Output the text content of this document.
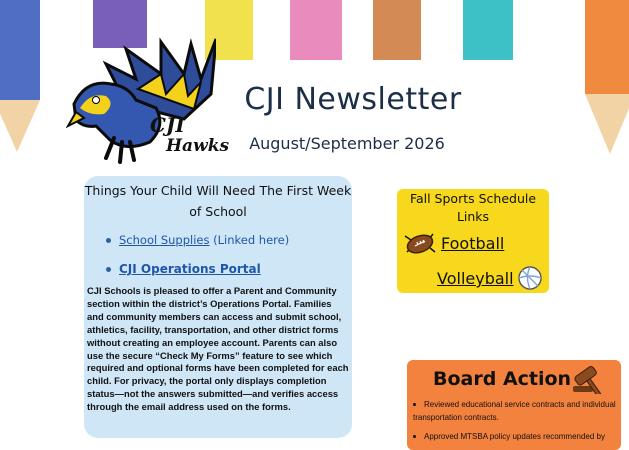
CJI
Hawks
CJI Newsletter
August/September 2026
Things Your Child Will Need The First Week of School
School Supplies (Linked here)
CJI Operations Portal
CJI Schools is pleased to offer a Parent and Community section within the district’s Operations Portal. Families and community members can access and submit school, athletics, facility, transportation, and other district forms without creating an employee account. Parents can also use the secure “Check My Forms” feature to see which required and optional forms have been completed for each child. For privacy, the portal only displays completion status—not the answers submitted—and verifies access through the email address used on the forms.
Fall Sports Schedule Links
Football
Volleyball
Board Action
Reviewed educational service contracts and individual transportation contracts.
Approved MTSBA policy updates recommended by
